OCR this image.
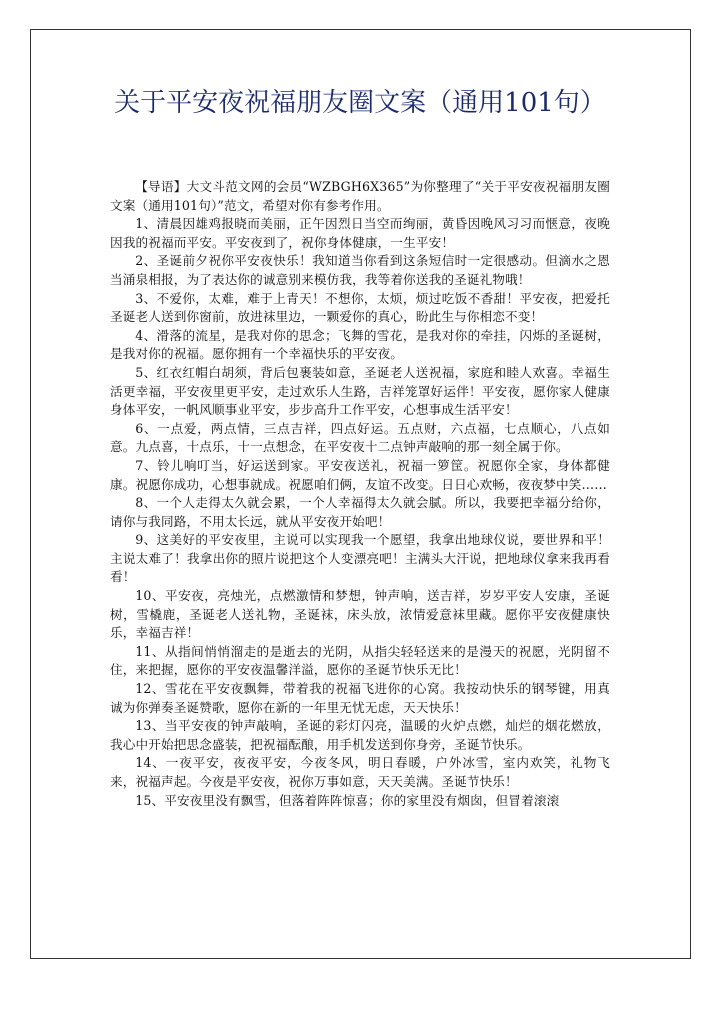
关于平安夜祝福朋友圈文案（通用101句）

【导语】大文斗范文网的会员“WZBGH6X365”为你整理了“关于平安夜祝福朋友圈文案（通用101句）”范文，希望对你有参考作用。

1、清晨因雄鸡报晓而美丽，正午因烈日当空而绚丽，黄昏因晚风习习而惬意，夜晚因我的祝福而平安。平安夜到了，祝你身体健康，一生平安！

2、圣诞前夕祝你平安夜快乐！我知道当你看到这条短信时一定很感动。但滴水之恩当涌泉相报，为了表达你的诚意别来模仿我，我等着你送我的圣诞礼物哦！

3、不爱你，太难，难于上青天！不想你，太烦，烦过吃饭不香甜！平安夜，把爱托圣诞老人送到你窗前，放进袜里边，一颗爱你的真心，盼此生与你相恋不变！

4、滑落的流星，是我对你的思念；飞舞的雪花，是我对你的牵挂，闪烁的圣诞树，是我对你的祝福。愿你拥有一个幸福快乐的平安夜。

5、红衣红帽白胡须，背后包裹装如意，圣诞老人送祝福，家庭和睦人欢喜。幸福生活更幸福，平安夜里更平安，走过欢乐人生路，吉祥笼罩好运伴！平安夜，愿你家人健康身体平安，一帆风顺事业平安，步步高升工作平安，心想事成生活平安！

6、一点爱，两点情，三点吉祥，四点好运。五点财，六点福，七点顺心，八点如意。九点喜，十点乐，十一点想念，在平安夜十二点钟声敲响的那一刻全属于你。

7、铃儿响叮当，好运送到家。平安夜送礼，祝福一箩筐。祝愿你全家，身体都健康。祝愿你成功，心想事就成。祝愿咱们俩，友谊不改变。日日心欢畅，夜夜梦中笑……

8、一个人走得太久就会累，一个人幸福得太久就会腻。所以，我要把幸福分给你，请你与我同路，不用太长远，就从平安夜开始吧！

9、这美好的平安夜里，主说可以实现我一个愿望，我拿出地球仪说，要世界和平！主说太难了！我拿出你的照片说把这个人变漂亮吧！主满头大汗说，把地球仪拿来我再看看！

10、平安夜，亮烛光，点燃激情和梦想，钟声响，送吉祥，岁岁平安人安康，圣诞树，雪橇鹿，圣诞老人送礼物，圣诞袜，床头放，浓情爱意袜里藏。愿你平安夜健康快乐，幸福吉祥！

11、从指间悄悄溜走的是逝去的光阴，从指尖轻轻送来的是漫天的祝愿，光阴留不住，来把握，愿你的平安夜温馨洋溢，愿你的圣诞节快乐无比！

12、雪花在平安夜飘舞，带着我的祝福飞进你的心窝。我按动快乐的钢琴键，用真诚为你弹奏圣诞赞歌，愿你在新的一年里无忧无虑，天天快乐！

13、当平安夜的钟声敲响，圣诞的彩灯闪亮，温暖的火炉点燃，灿烂的烟花燃放，我心中开始把思念盛装，把祝福酝酿，用手机发送到你身旁，圣诞节快乐。

14、一夜平安，夜夜平安，今夜冬风，明日春暖，户外冰雪，室内欢笑，礼物飞来，祝福声起。今夜是平安夜，祝你万事如意，天天美满。圣诞节快乐！

15、平安夜里没有飘雪，但落着阵阵惊喜；你的家里没有烟囱，但冒着滚滚
